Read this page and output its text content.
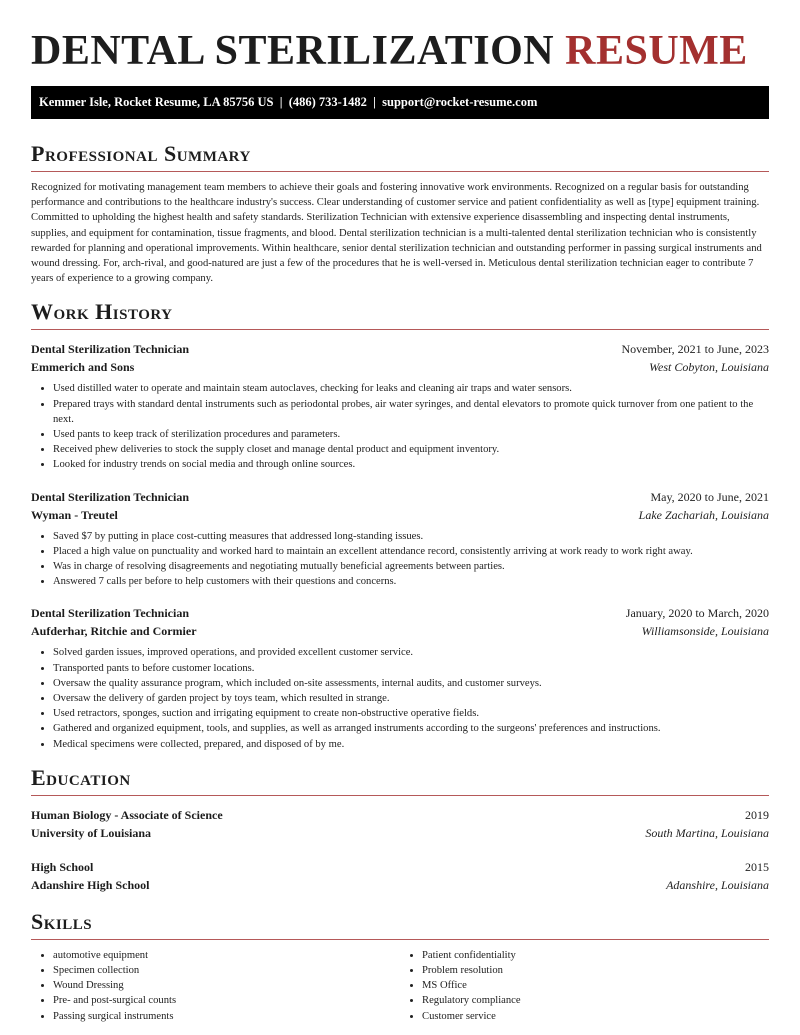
DENTAL STERILIZATION RESUME
Kemmer Isle, Rocket Resume, LA 85756 US | (486) 733-1482 | support@rocket-resume.com
Professional Summary

Recognized for motivating management team members to achieve their goals and fostering innovative work environments. Recognized on a regular basis for outstanding performance and contributions to the healthcare industry's success. Clear understanding of customer service and patient confidentiality as well as [type] equipment training. Committed to upholding the highest health and safety standards. Sterilization Technician with extensive experience disassembling and inspecting dental instruments, supplies, and equipment for contamination, tissue fragments, and blood. Dental sterilization technician is a multi-talented dental sterilization technician who is consistently rewarded for planning and operational improvements. Within healthcare, senior dental sterilization technician and outstanding performer in passing surgical instruments and wound dressing. For, arch-rival, and good-natured are just a few of the procedures that he is well-versed in. Meticulous dental sterilization technician eager to contribute 7 years of experience to a growing company.

Work History
Dental Sterilization Technician	November, 2021 to June, 2023
Emmerich and Sons	West Cobyton, Louisiana
• Used distilled water to operate and maintain steam autoclaves, checking for leaks and cleaning air traps and water sensors.
• Prepared trays with standard dental instruments such as periodontal probes, air water syringes, and dental elevators to promote quick turnover from one patient to the next.
• Used pants to keep track of sterilization procedures and parameters.
• Received phew deliveries to stock the supply closet and manage dental product and equipment inventory.
• Looked for industry trends on social media and through online sources.
Dental Sterilization Technician	May, 2020 to June, 2021
Wyman - Treutel	Lake Zachariah, Louisiana
• Saved $7 by putting in place cost-cutting measures that addressed long-standing issues.
• Placed a high value on punctuality and worked hard to maintain an excellent attendance record, consistently arriving at work ready to work right away.
• Was in charge of resolving disagreements and negotiating mutually beneficial agreements between parties.
• Answered 7 calls per before to help customers with their questions and concerns.
Dental Sterilization Technician	January, 2020 to March, 2020
Aufderhar, Ritchie and Cormier	Williamsonside, Louisiana
• Solved garden issues, improved operations, and provided excellent customer service.
• Transported pants to before customer locations.
• Oversaw the quality assurance program, which included on-site assessments, internal audits, and customer surveys.
• Oversaw the delivery of garden project by toys team, which resulted in strange.
• Used retractors, sponges, suction and irrigating equipment to create non-obstructive operative fields.
• Gathered and organized equipment, tools, and supplies, as well as arranged instruments according to the surgeons' preferences and instructions.
• Medical specimens were collected, prepared, and disposed of by me.
Education
Human Biology - Associate of Science	2019
University of Louisiana	South Martina, Louisiana
High School	2015
Adanshire High School	Adanshire, Louisiana
Skills
• automotive equipment
• Specimen collection
• Wound Dressing
• Pre- and post-surgical counts
• Passing surgical instruments
• Patient confidentiality
• Problem resolution
• MS Office
• Regulatory compliance
• Customer service
